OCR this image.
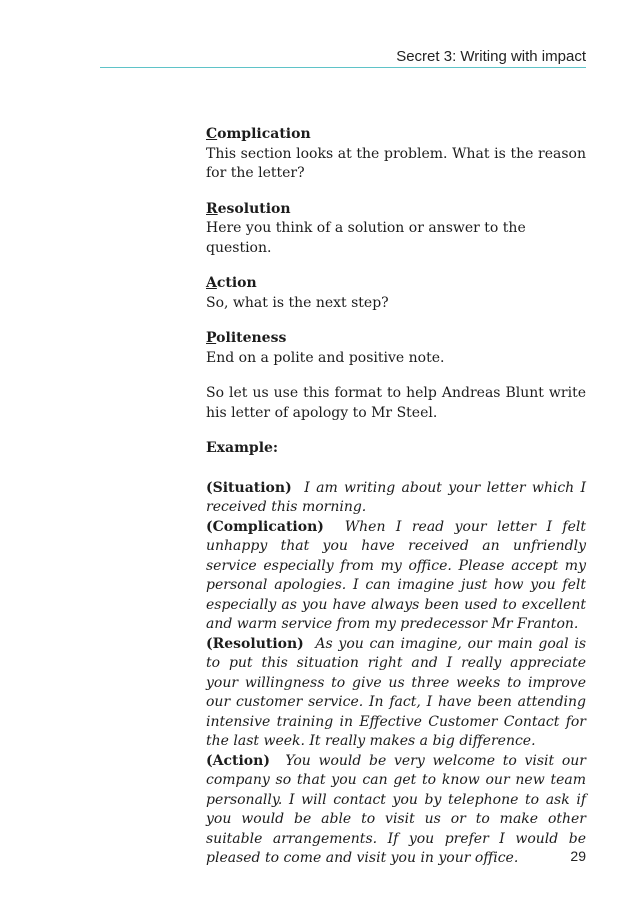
Secret 3: Writing with impact
Complication

This section looks at the problem. What is the reason for the letter?

Resolution

Here you think of a solution or answer to the question.

Action

So, what is the next step?

Politeness

End on a polite and positive note.

So let us use this format to help Andreas Blunt write his letter of apology to Mr Steel.

Example:

(Situation) I am writing about your letter which I received this morning.

(Complication) When I read your letter I felt unhappy that you have received an unfriendly service especially from my office. Please accept my personal apologies. I can imagine just how you felt especially as you have always been used to excellent and warm service from my predecessor Mr Franton.

(Resolution) As you can imagine, our main goal is to put this situation right and I really appreciate your willingness to give us three weeks to improve our customer service. In fact, I have been attending intensive training in Effective Customer Contact for the last week. It really makes a big difference.

(Action) You would be very welcome to visit our company so that you can get to know our new team personally. I will contact you by telephone to ask if you would be able to visit us or to make other suitable arrangements. If you prefer I would be pleased to come and visit you in your office.	29
